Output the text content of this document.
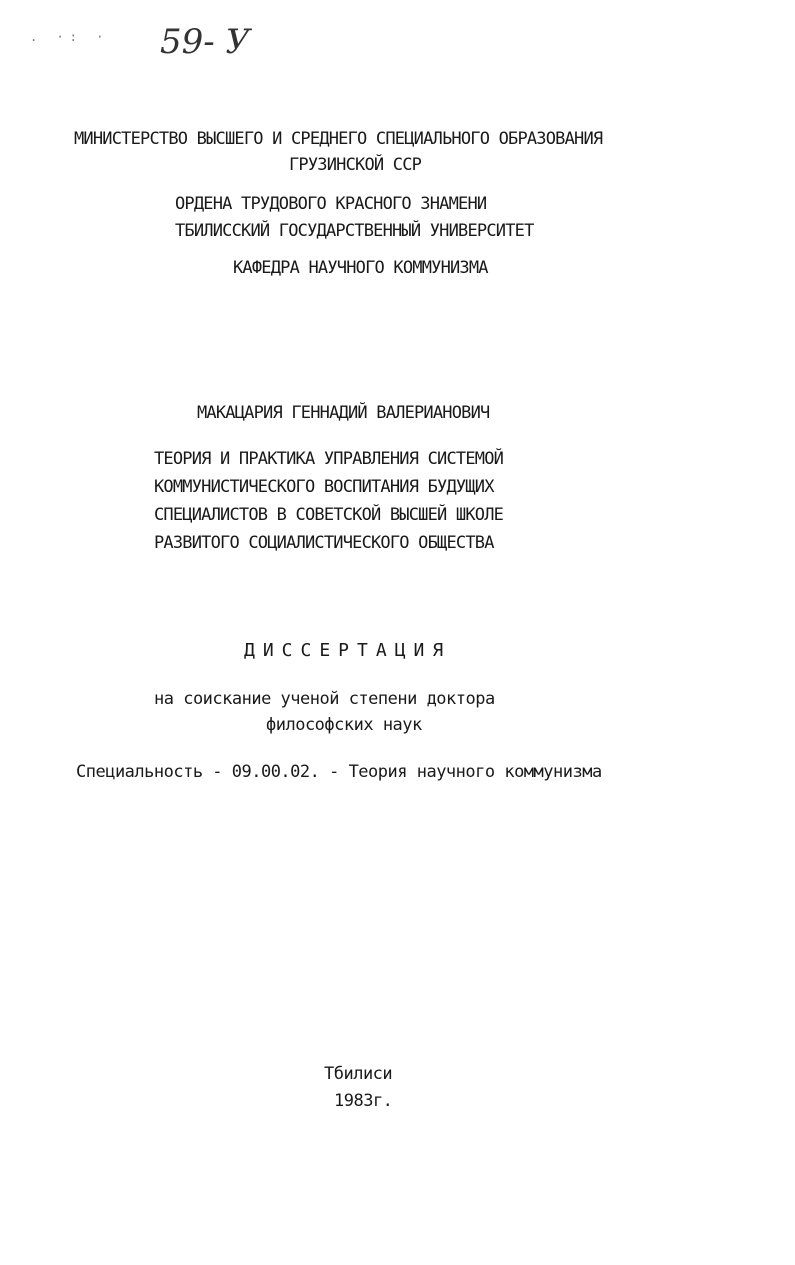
. ·: · 59- У
МИНИСТЕРСТВО ВЫСШЕГО И СРЕДНЕГО СПЕЦИАЛЬНОГО ОБРАЗОВАНИЯ
ГРУЗИНСКОЙ ССР
ОРДЕНА ТРУДОВОГО КРАСНОГО ЗНАМЕНИ
ТБИЛИССКИЙ ГОСУДАРСТВЕННЫЙ УНИВЕРСИТЕТ
КАФЕДРА НАУЧНОГО КОММУНИЗМА
МАКАЦАРИЯ ГЕННАДИЙ ВАЛЕРИАНОВИЧ
ТЕОРИЯ И ПРАКТИКА УПРАВЛЕНИЯ СИСТЕМОЙ
КОММУНИСТИЧЕСКОГО ВОСПИТАНИЯ БУДУЩИХ
СПЕЦИАЛИСТОВ В СОВЕТСКОЙ ВЫСШЕЙ ШКОЛЕ
РАЗВИТОГО СОЦИАЛИСТИЧЕСКОГО ОБЩЕСТВА
ДИССЕРТАЦИЯ
на соискание ученой степени доктора
философских наук
Специальность - 09.00.02. - Теория научного коммунизма
Тбилиси
1983г.
